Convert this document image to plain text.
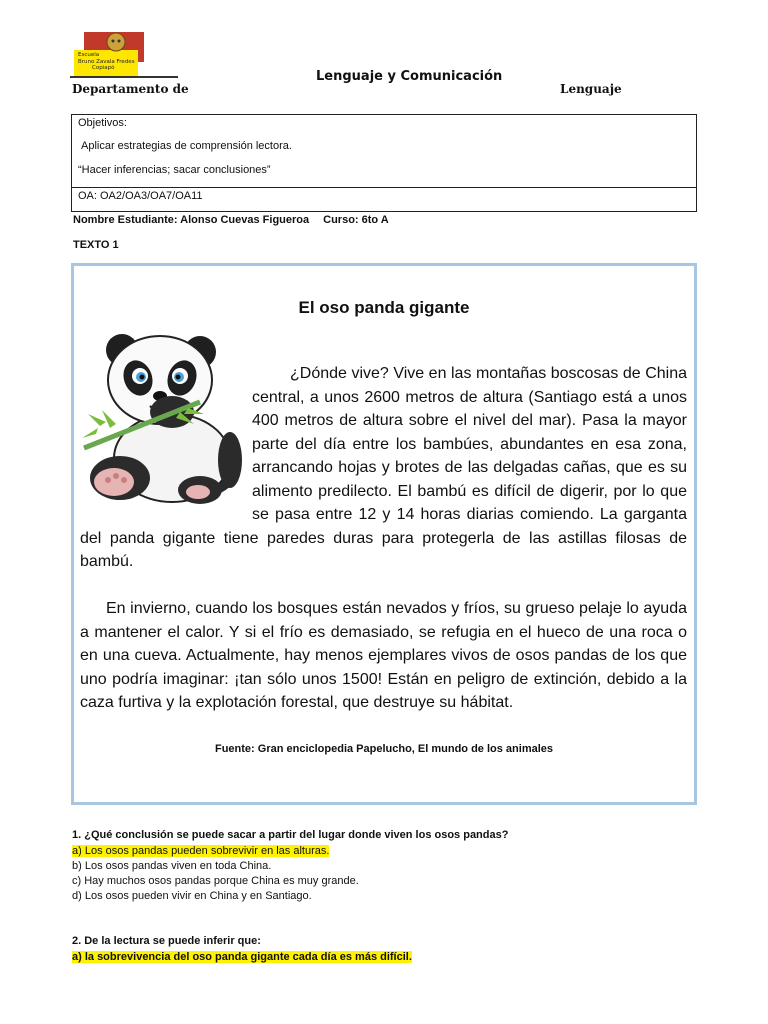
Escuela
Bruno Zavala Fredes
Copiapó
Lenguaje y Comunicación
Departamento de	Lenguaje
Objetivos:
Aplicar estrategias de comprensión lectora.
“Hacer inferencias; sacar conclusiones”
OA: OA2/OA3/OA7/OA11
Nombre Estudiante: Alonso Cuevas Figueroa Curso: 6to A
TEXTO 1
El oso panda gigante
¿Dónde vive? Vive en las montañas boscosas de China central, a unos 2600 metros de altura (Santiago está a unos 400 metros de altura sobre el nivel del mar). Pasa la mayor parte del día entre los bambúes, abundantes en esa zona, arrancando hojas y brotes de las delgadas cañas, que es su alimento predilecto. El bambú es difícil de digerir, por lo que se pasa entre 12 y 14 horas diarias comiendo. La garganta del panda gigante tiene paredes duras para protegerla de las astillas filosas de bambú.

En invierno, cuando los bosques están nevados y fríos, su grueso pelaje lo ayuda a mantener el calor. Y si el frío es demasiado, se refugia en el hueco de una roca o en una cueva. Actualmente, hay menos ejemplares vivos de osos pandas de los que uno podría imaginar: ¡tan sólo unos 1500! Están en peligro de extinción, debido a la caza furtiva y la explotación forestal, que destruye su hábitat.

Fuente: Gran enciclopedia Papelucho, El mundo de los animales
1. ¿Qué conclusión se puede sacar a partir del lugar donde viven los osos pandas?
a) Los osos pandas pueden sobrevivir en las alturas.
b) Los osos pandas viven en toda China.
c) Hay muchos osos pandas porque China es muy grande.
d) Los osos pueden vivir en China y en Santiago.
2. De la lectura se puede inferir que:
a) la sobrevivencia del oso panda gigante cada día es más difícil.
